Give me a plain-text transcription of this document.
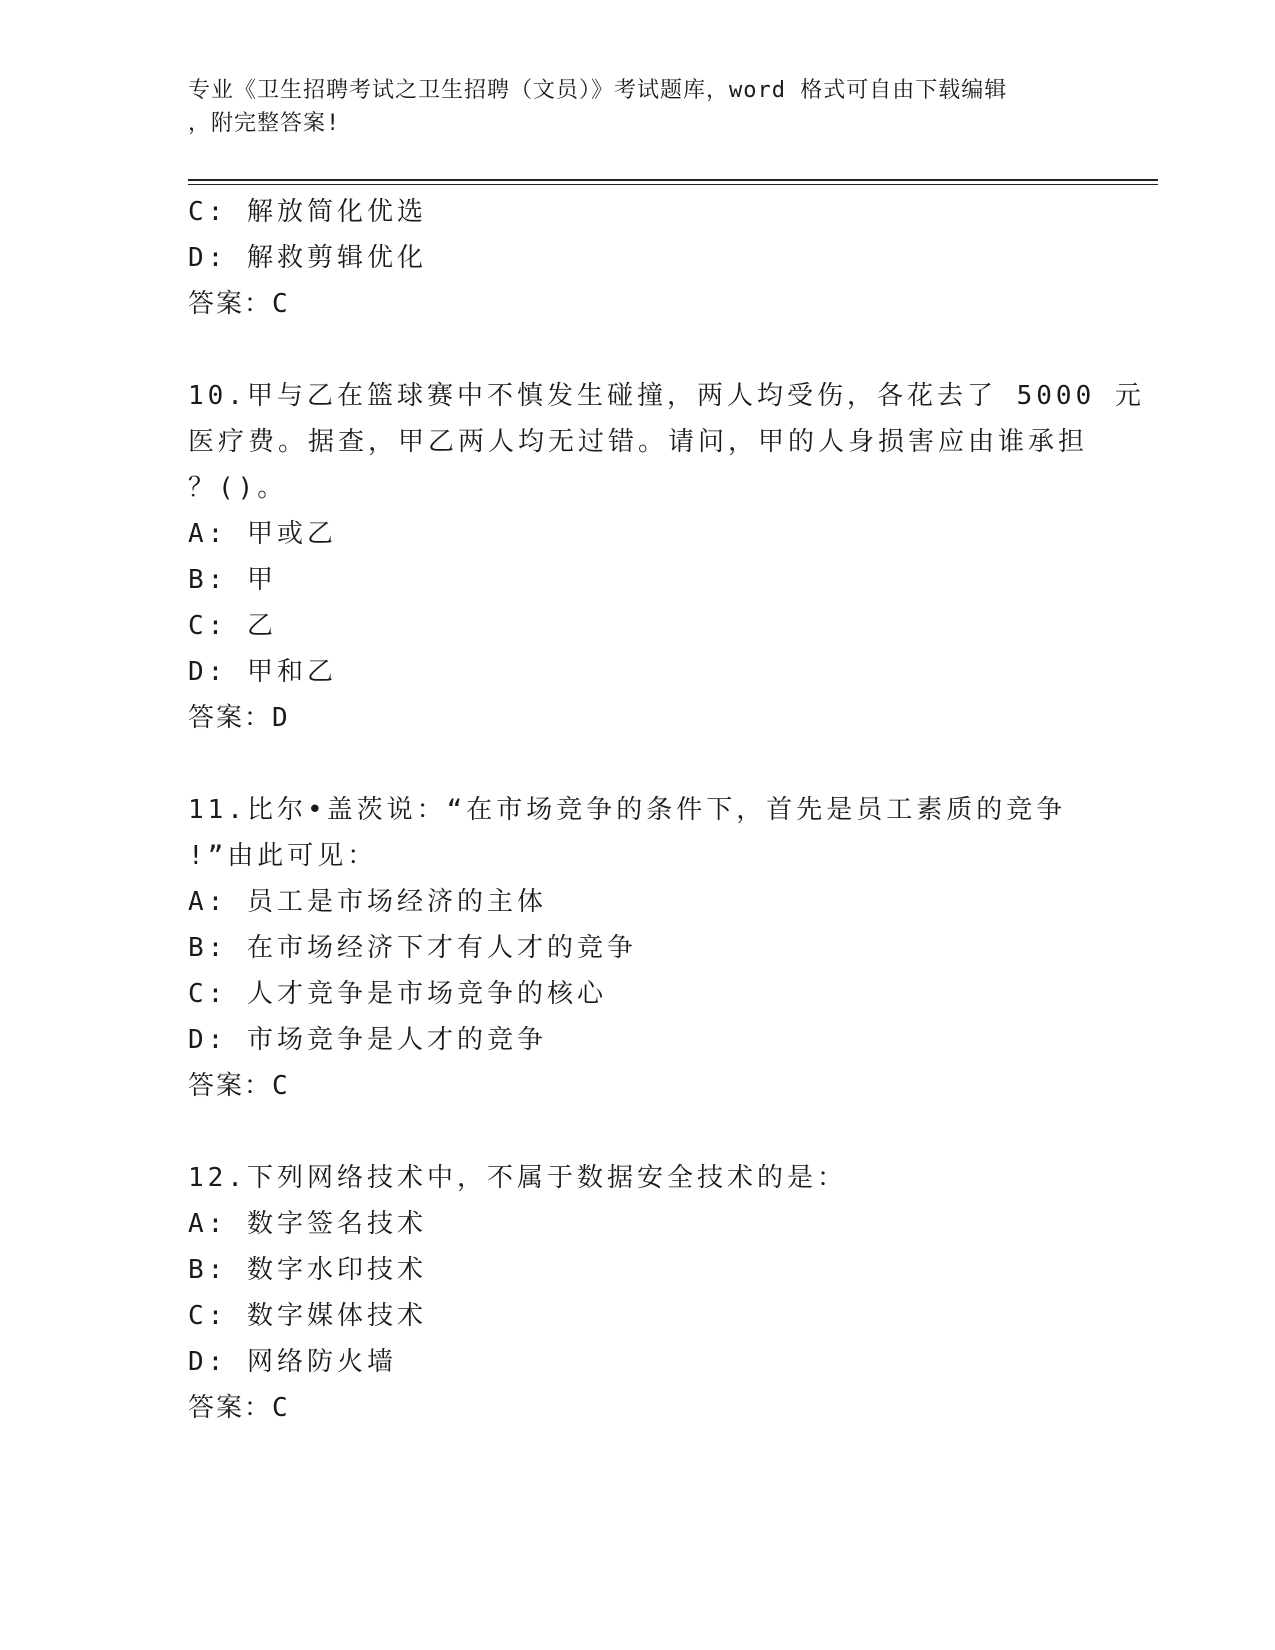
专业《卫生招聘考试之卫生招聘（文员）》考试题库，word 格式可自由下载编辑
，附完整答案!
C: 解放简化优选
D: 解救剪辑优化
答案：C
10.甲与乙在篮球赛中不慎发生碰撞，两人均受伤，各花去了 5000 元
医疗费。据查，甲乙两人均无过错。请问，甲的人身损害应由谁承担
？()。
A: 甲或乙
B: 甲
C: 乙
D: 甲和乙
答案：D
11.比尔•盖茨说：“在市场竞争的条件下，首先是员工素质的竞争
!”由此可见：
A: 员工是市场经济的主体
B: 在市场经济下才有人才的竞争
C: 人才竞争是市场竞争的核心
D: 市场竞争是人才的竞争
答案：C
12.下列网络技术中，不属于数据安全技术的是：
A: 数字签名技术
B: 数字水印技术
C: 数字媒体技术
D: 网络防火墙
答案：C
